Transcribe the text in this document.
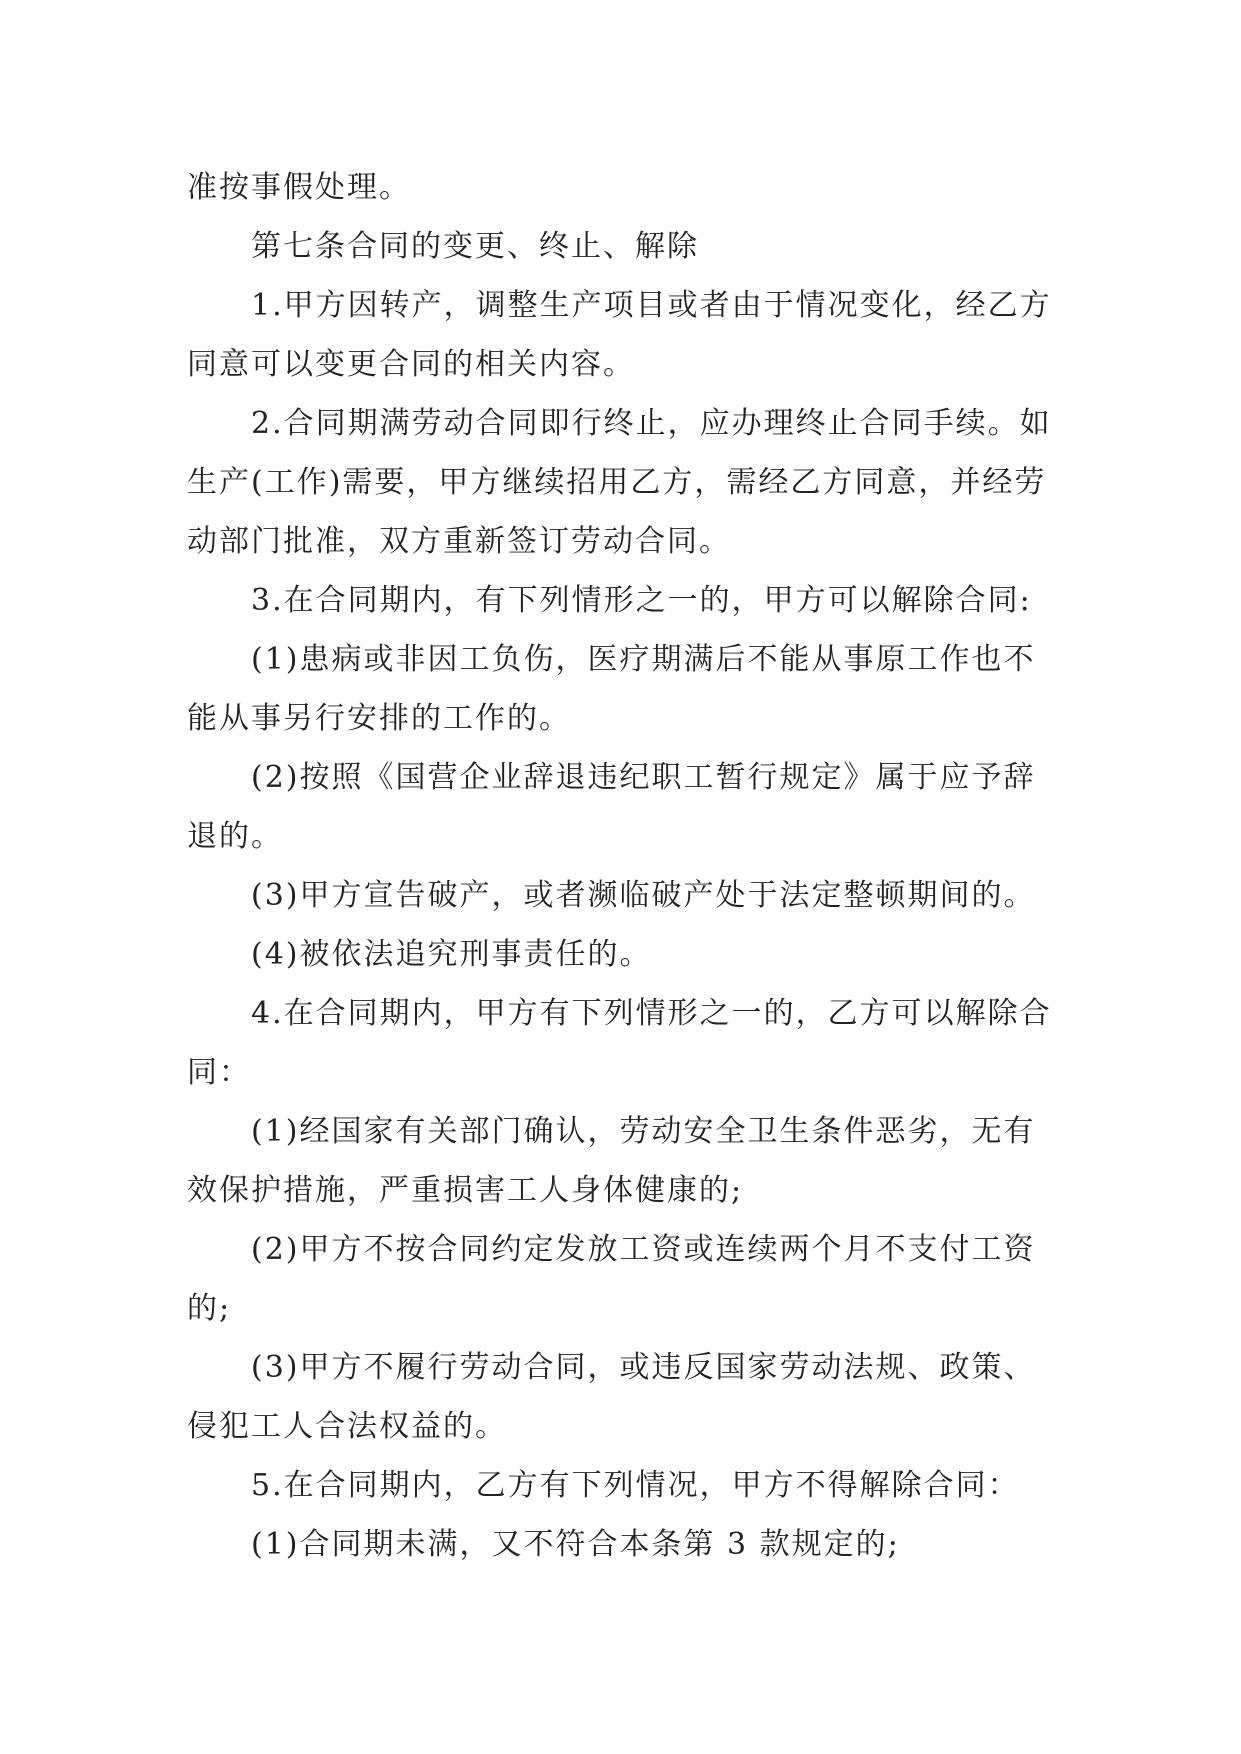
准按事假处理。

第七条合同的变更、终止、解除

1.甲方因转产，调整生产项目或者由于情况变化，经乙方同意可以变更合同的相关内容。

2.合同期满劳动合同即行终止，应办理终止合同手续。如生产(工作)需要，甲方继续招用乙方，需经乙方同意，并经劳动部门批准，双方重新签订劳动合同。

3.在合同期内，有下列情形之一的，甲方可以解除合同:

(1)患病或非因工负伤，医疗期满后不能从事原工作也不能从事另行安排的工作的。

(2)按照《国营企业辞退违纪职工暂行规定》属于应予辞退的。

(3)甲方宣告破产，或者濒临破产处于法定整顿期间的。

(4)被依法追究刑事责任的。

4.在合同期内，甲方有下列情形之一的，乙方可以解除合同：

(1)经国家有关部门确认，劳动安全卫生条件恶劣，无有效保护措施，严重损害工人身体健康的;

(2)甲方不按合同约定发放工资或连续两个月不支付工资的;

(3)甲方不履行劳动合同，或违反国家劳动法规、政策、侵犯工人合法权益的。

5.在合同期内，乙方有下列情况，甲方不得解除合同：

(1)合同期未满，又不符合本条第 3 款规定的;
